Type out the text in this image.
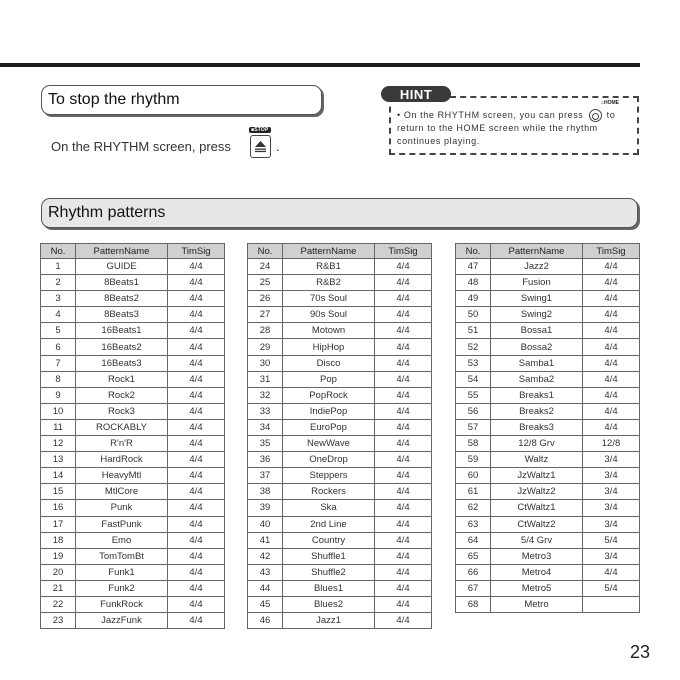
To stop the rhythm
On the RHYTHM screen, press
■STOP
.
HINT
⌂HOME
• On the RHYTHM screen, you can press	to return to the HOME screen while the rhythm continues playing.
Rhythm patterns
No.	PatternName	TimSig
1	GUIDE	4/4
2	8Beats1	4/4
3	8Beats2	4/4
4	8Beats3	4/4
5	16Beats1	4/4
6	16Beats2	4/4
7	16Beats3	4/4
8	Rock1	4/4
9	Rock2	4/4
10	Rock3	4/4
11	ROCKABLY	4/4
12	R'n'R	4/4
13	HardRock	4/4
14	HeavyMtl	4/4
15	MtlCore	4/4
16	Punk	4/4
17	FastPunk	4/4
18	Emo	4/4
19	TomTomBt	4/4
20	Funk1	4/4
21	Funk2	4/4
22	FunkRock	4/4
23	JazzFunk	4/4
No.	PatternName	TimSig
24	R&B1	4/4
25	R&B2	4/4
26	70s Soul	4/4
27	90s Soul	4/4
28	Motown	4/4
29	HipHop	4/4
30	Disco	4/4
31	Pop	4/4
32	PopRock	4/4
33	IndiePop	4/4
34	EuroPop	4/4
35	NewWave	4/4
36	OneDrop	4/4
37	Steppers	4/4
38	Rockers	4/4
39	Ska	4/4
40	2nd Line	4/4
41	Country	4/4
42	Shuffle1	4/4
43	Shuffle2	4/4
44	Blues1	4/4
45	Blues2	4/4
46	Jazz1	4/4
No.	PatternName	TimSig
47	Jazz2	4/4
48	Fusion	4/4
49	Swing1	4/4
50	Swing2	4/4
51	Bossa1	4/4
52	Bossa2	4/4
53	Samba1	4/4
54	Samba2	4/4
55	Breaks1	4/4
56	Breaks2	4/4
57	Breaks3	4/4
58	12/8 Grv	12/8
59	Waltz	3/4
60	JzWaltz1	3/4
61	JzWaltz2	3/4
62	CtWaltz1	3/4
63	CtWaltz2	3/4
64	5/4 Grv	5/4
65	Metro3	3/4
66	Metro4	4/4
67	Metro5	5/4
68	Metro	
23
